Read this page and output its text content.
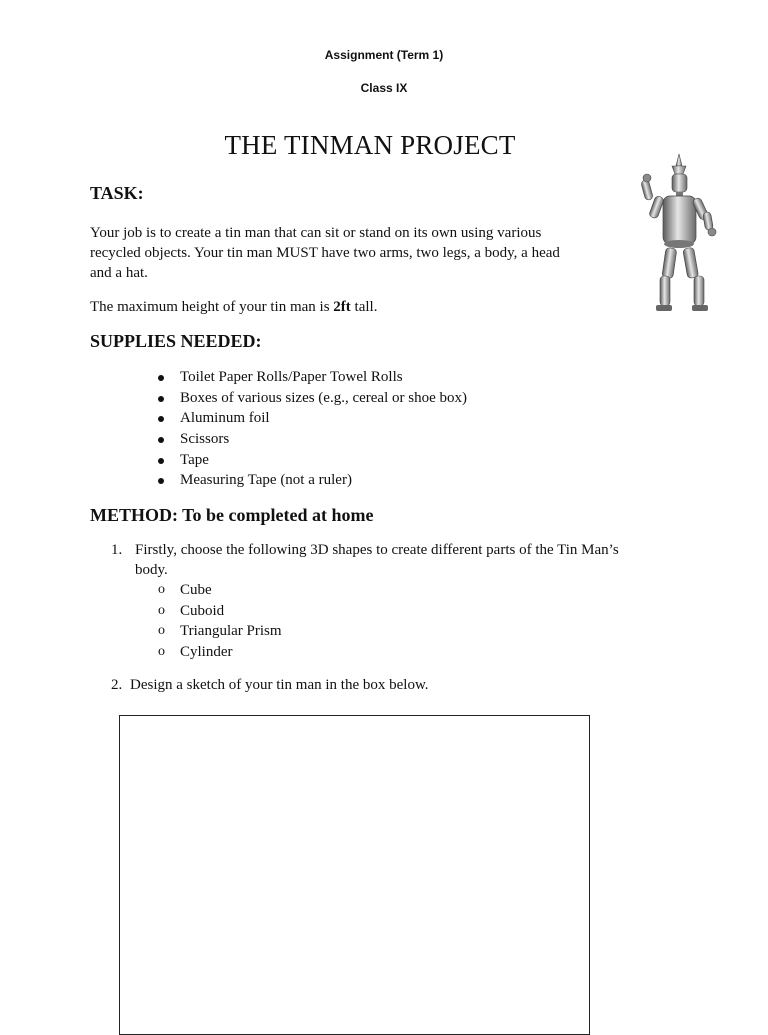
Assignment (Term 1)
Class IX
THE TINMAN PROJECT
TASK:
Your job is to create a tin man that can sit or stand on its own using various
recycled objects. Your tin man MUST have two arms, two legs, a body, a head
and a hat.
The maximum height of your tin man is 2ft tall.
SUPPLIES NEEDED:
Toilet Paper Rolls/Paper Towel Rolls
Boxes of various sizes (e.g., cereal or shoe box)
Aluminum foil
Scissors
Tape
Measuring Tape (not a ruler)
METHOD: To be completed at home
1. Firstly, choose the following 3D shapes to create different parts of the Tin Man’s
body.
o Cube
o Cuboid
o Triangular Prism
o Cylinder
2. Design a sketch of your tin man in the box below.
